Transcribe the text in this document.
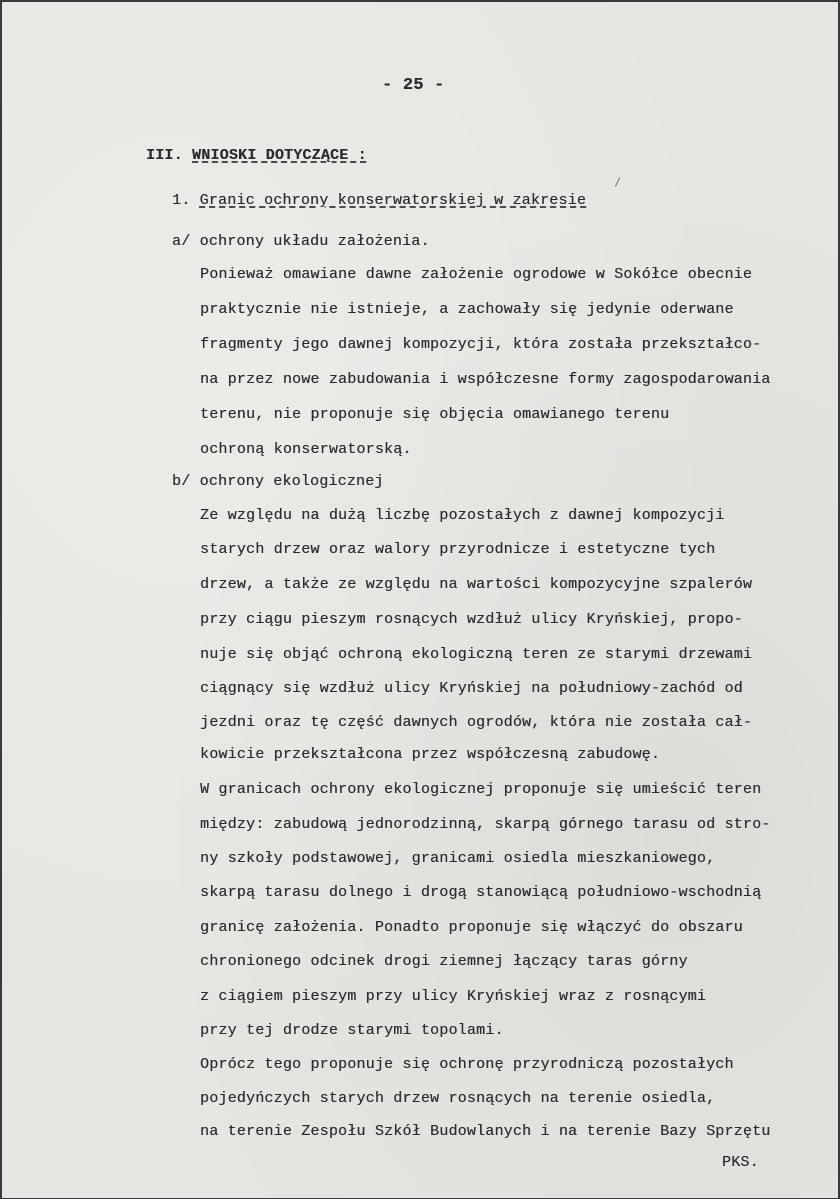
- 25 -
III. WNIOSKI DOTYCZĄCE :
1. Granic ochrony konserwatorskiej w zakresie
a/ ochrony układu założenia.
Ponieważ omawiane dawne założenie ogrodowe w Sokółce obecnie
praktycznie nie istnieje, a zachowały się jedynie oderwane
fragmenty jego dawnej kompozycji, która została przekształco-
na przez nowe zabudowania i współczesne formy zagospodarowania
terenu, nie proponuje się objęcia omawianego terenu
ochroną konserwatorską.
b/ ochrony ekologicznej
Ze względu na dużą liczbę pozostałych z dawnej kompozycji
starych drzew oraz walory przyrodnicze i estetyczne tych
drzew, a także ze względu na wartości kompozycyjne szpalerów
przy ciągu pieszym rosnących wzdłuż ulicy Kryńskiej, propo-
nuje się objąć ochroną ekologiczną teren ze starymi drzewami
ciągnący się wzdłuż ulicy Kryńskiej na południowy-zachód od
jezdni oraz tę część dawnych ogrodów, która nie została cał-
kowicie przekształcona przez współczesną zabudowę.
W granicach ochrony ekologicznej proponuje się umieścić teren
między: zabudową jednorodzinną, skarpą górnego tarasu od stro-
ny szkoły podstawowej, granicami osiedla mieszkaniowego,
skarpą tarasu dolnego i drogą stanowiącą południowo-wschodnią
granicę założenia. Ponadto proponuje się włączyć do obszaru
chronionego odcinek drogi ziemnej łączący taras górny
z ciągiem pieszym przy ulicy Kryńskiej wraz z rosnącymi
przy tej drodze starymi topolami.
Oprócz tego proponuje się ochronę przyrodniczą pozostałych
pojedyńczych starych drzew rosnących na terenie osiedla,
na terenie Zespołu Szkół Budowlanych i na terenie Bazy Sprzętu
PKS.
